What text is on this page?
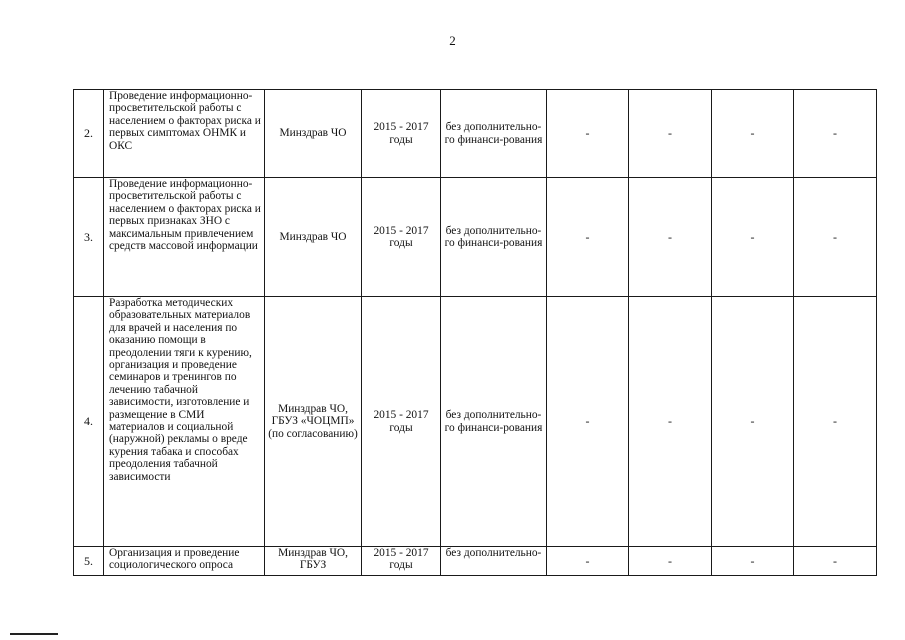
2
2.	Проведение информационно-просветительской работы с населением о факторах риска и первых симптомах ОНМК и ОКС	Минздрав ЧО	2015 - 2017 годы	без дополнительно-го финанси-рования	-	-	-	-
3.	Проведение информационно-просветительской работы с населением о факторах риска и первых признаках ЗНО с максимальным привлечением средств массовой информации	Минздрав ЧО	2015 - 2017 годы	без дополнительно-го финанси-рования	-	-	-	-
4.	Разработка методических образовательных материалов для врачей и населения по оказанию помощи в преодолении тяги к курению, организация и проведение семинаров и тренингов по лечению табачной зависимости, изготовление и размещение в СМИ материалов и социальной (наружной) рекламы о вреде курения табака и способах преодоления табачной зависимости	Минздрав ЧО, ГБУЗ «ЧОЦМП» (по согласованию)	2015 - 2017 годы	без дополнительно-го финанси-рования	-	-	-	-
5.	Организация и проведение социологического опроса	Минздрав ЧО, ГБУЗ	2015 - 2017 годы	без дополнительно-	-	-	-	-
